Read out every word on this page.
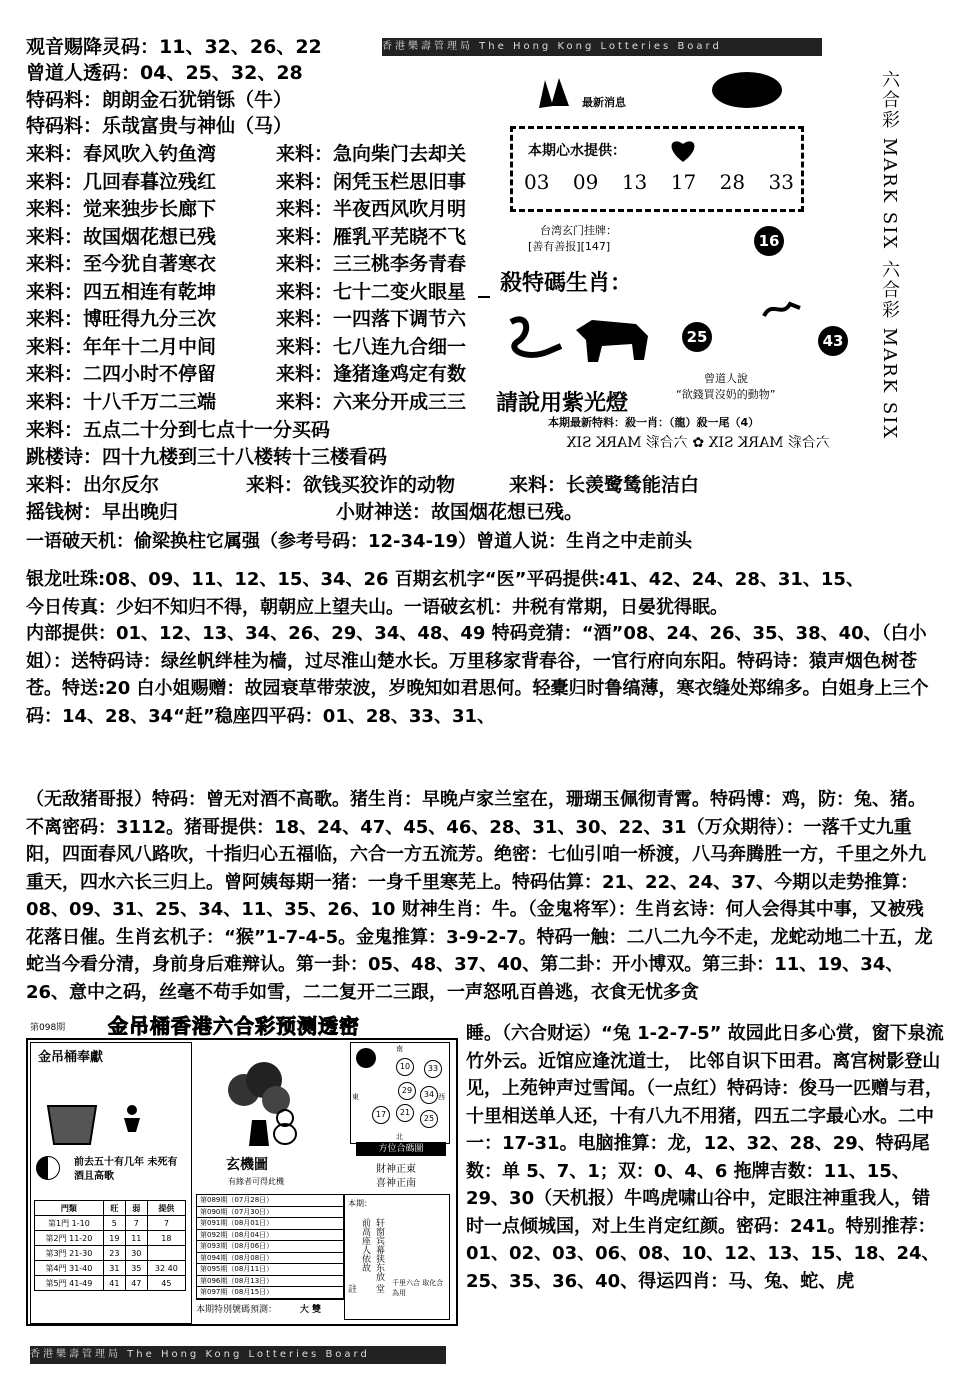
观音赐降灵码：11、32、26、22
曾道人透码：04、25、32、28
特码料：朗朗金石犹销铄（牛）
特码料：乐哉富贵与神仙（马）
来料：春风吹入钓鱼湾	来料：急向柴门去却关
来料：几回春暮泣残红	来料：闲凭玉栏思旧事
来料：觉来独步长廊下	来料：半夜西风吹月明
来料：故国烟花想已残	来料：雁乳平芜晓不飞
来料：至今犹自著寒衣	来料：三三桃李务青春
来料：四五相连有乾坤	来料：七十二变火眼星
来料：博旺得九分三次	来料：一四落下调节六
来料：年年十二月中间	来料：七八连九合细一
来料：二四小时不停留	来料：逢猪逢鸡定有数
来料：十八千万二三端	来料：六来分开成三三
来料：五点二十分到七点十一分买码
跳楼诗：四十九楼到三十八楼转十三楼看码
来料：出尔反尔	来料：欲钱买狡诈的动物	来料：长羡鹭鸶能洁白
摇钱树：早出晚归	小财神送：故国烟花想已残。
一语破天机：偷梁换柱它属强（参考号码：12-34-19）曾道人说：生肖之中走前头
香港樂壽管理局 The Hong Kong Lotteries Board
最新消息
本期心水提供：
03 09 13 17 28 33
台湾玄门挂牌：
[善有善报][147]	16
殺特碼生肖：
25	43
請說用紫光燈
曾道人說
“欲錢買沒奶的動物”
本期最新特料：殺一肖：（龍）殺一尾（4）
六合彩 MARK SIX ✿ 六合彩 MARK SIX
六合彩 MARK SIX
六合彩 MARK SIX
银龙吐珠:08、09、11、12、15、34、26 百期玄机字“医”平码提供:41、42、24、28、31、15、
今日传真：少妇不知归不得，朝朝应上望夫山。一语破玄机：井税有常期，日晏犹得眠。
内部提供：01、12、13、34、26、29、34、48、49 特码竞猜：“酒”08、24、26、35、38、40、（白小姐）：送特码诗：绿丝帆绊桂为樯，过尽淮山楚水长。万里移家背春谷，一官行府向东阳。特码诗：猿声烟色树苍苍。特送:20 白小姐赐赠：故园衰草带荥波，岁晚知如君思何。轻橐归时鲁缟薄，寒衣缝处郑绵多。白姐身上三个码：14、28、34“赶”稳座四平码：01、28、33、31、
（无敌猪哥报）特码：曾无对酒不高歌。猪生肖：早晚卢家兰室在，珊瑚玉佩彻青霄。特码博：鸡，防：兔、猪。不离密码：3112。猪哥提供：18、24、47、45、46、28、31、30、22、31（万众期待）：一落千丈九重阳，四面春风八路吹，十指归心五福临，六合一方五流芳。绝密：七仙引咱一桥渡，八马奔腾胜一方，千里之外九重天，四水六长三归上。曾阿姨每期一猪：一身千里寒芜上。特码估算：21、22、24、37、今期以走势推算：08、09、31、25、34、11、35、26、10 财神生肖：牛。（金鬼将军）：生肖玄诗：何人会得其中事，又被残花落日催。生肖玄机子：“猴”1-7-4-5。金鬼推算：3-9-2-7。特码一触：二八二九今不走，龙蛇动地二十五，龙蛇当今看分清，身前身后难辩认。第一卦：05、48、37、40、第二卦：开小博双。第三卦：11、19、34、26、意中之码，丝毫不苟手如雪，二二复开二三跟，一声怒吼百兽逃，衣食无忧多贪
睡。（六合财运）“兔 1-2-7-5” 故园此日多心赏，窗下泉流竹外云。近馆应逢沈道士， 比邻自识下田君。离宫树影登山见，上苑钟声过雪闻。（一点红）特码诗：俊马一匹赠与君，十里相送单人还，十有八九不用猪，四五二字最心水。二中一：17-31。电脑推算：龙，12、32、28、29、特码尾数：单 5、7、1；双：0、4、6 拖牌吉数：11、15、29、30（天机报）牛鸣虎啸山谷中，定眼注神重我人，错时一点倾城国，对上生肖定红颜。密码：241。特别推荐：01、02、03、06、08、10、12、13、15、18、24、25、35、36、40、得运四肖：马、兔、蛇、虎
第098期 金吊桶香港六合彩预测透密
金吊桶奉獻
前去五十有几年 未死有酒且高歌
門類	旺	弱	提供
第1門 1-10	5	7	7
第2門 11-20	19	11	18
第3門 21-30	23	30	
第4門 31-40	31	35	32 40
第5門 41-49	41	47	45
玄機圖
有緣者可得此機
第089期（07月28日）
第090期（07月30日）
第091期（08月01日）
第092期（08月04日）
第093期（08月06日）
第094期（08月08日）
第095期（08月11日）
第096期（08月13日）
第097期（08月15日）
本期特別號碼預測：	大 雙
南
北
東	西
10	33
29	34
17	21
25
方位合碼圖
財神正東
喜神正南
本期：
轩窗宾幕狭东放 堂前高座人依故
註
千里六合 取化合為用
香港樂壽管理局 The Hong Kong Lotteries Board
